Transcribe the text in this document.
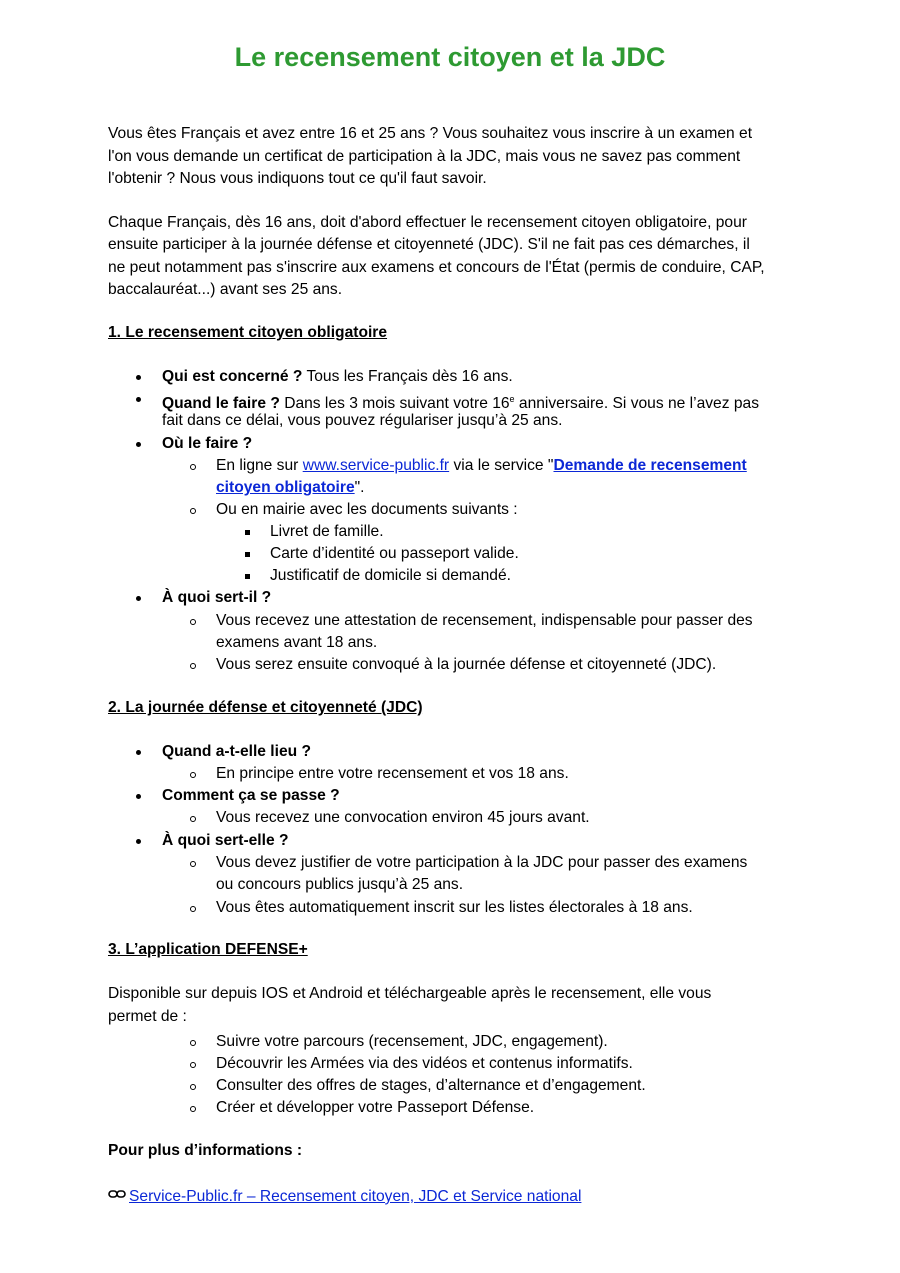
Le recensement citoyen et la JDC
Vous êtes Français et avez entre 16 et 25 ans ? Vous souhaitez vous inscrire à un examen et
l'on vous demande un certificat de participation à la JDC, mais vous ne savez pas comment
l'obtenir ? Nous vous indiquons tout ce qu'il faut savoir.
Chaque Français, dès 16 ans, doit d'abord effectuer le recensement citoyen obligatoire, pour
ensuite participer à la journée défense et citoyenneté (JDC). S'il ne fait pas ces démarches, il
ne peut notamment pas s'inscrire aux examens et concours de l'État (permis de conduire, CAP,
baccalauréat...) avant ses 25 ans.
1. Le recensement citoyen obligatoire
Qui est concerné ? Tous les Français dès 16 ans.
Quand le faire ? Dans les 3 mois suivant votre 16e anniversaire. Si vous ne l’avez pas
fait dans ce délai, vous pouvez régulariser jusqu’à 25 ans.
Où le faire ?
En ligne sur www.service-public.fr via le service "Demande de recensement
citoyen obligatoire".
Ou en mairie avec les documents suivants :
Livret de famille.
Carte d’identité ou passeport valide.
Justificatif de domicile si demandé.
À quoi sert-il ?
Vous recevez une attestation de recensement, indispensable pour passer des
examens avant 18 ans.
Vous serez ensuite convoqué à la journée défense et citoyenneté (JDC).
2. La journée défense et citoyenneté (JDC)
Quand a-t-elle lieu ?
En principe entre votre recensement et vos 18 ans.
Comment ça se passe ?
Vous recevez une convocation environ 45 jours avant.
À quoi sert-elle ?
Vous devez justifier de votre participation à la JDC pour passer des examens
ou concours publics jusqu’à 25 ans.
Vous êtes automatiquement inscrit sur les listes électorales à 18 ans.
3. L’application DEFENSE+
Disponible sur depuis IOS et Android et téléchargeable après le recensement, elle vous
permet de :
Suivre votre parcours (recensement, JDC, engagement).
Découvrir les Armées via des vidéos et contenus informatifs.
Consulter des offres de stages, d’alternance et d’engagement.
Créer et développer votre Passeport Défense.
Pour plus d’informations :
Service-Public.fr – Recensement citoyen, JDC et Service national
